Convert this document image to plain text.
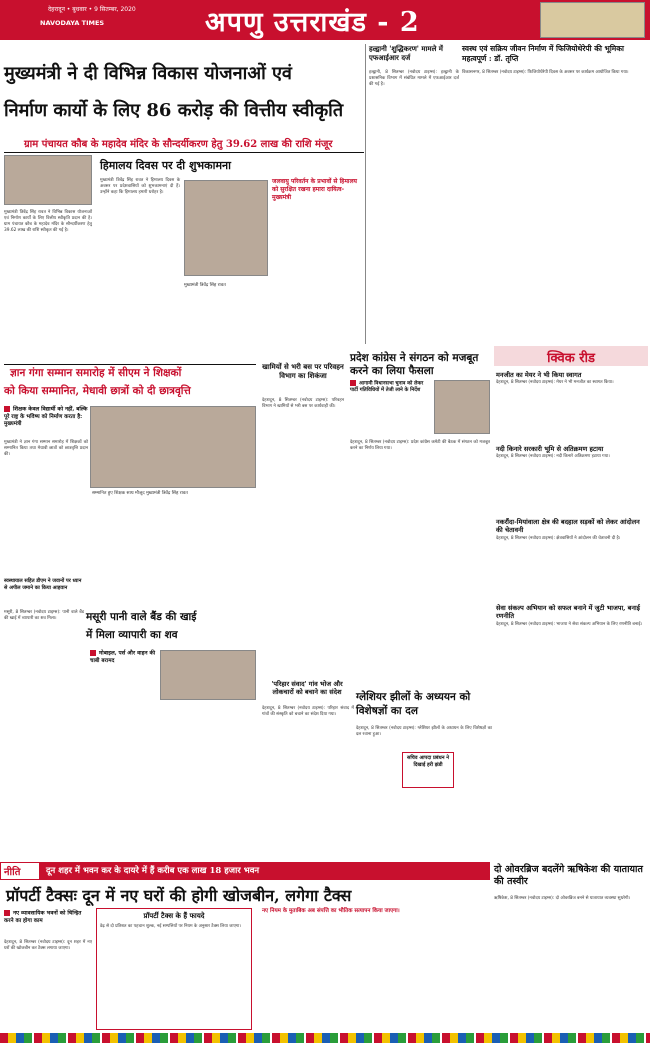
देहरादून • बुधवार • 9 सितम्बर, 2020
NAVODAYA TIMES	अपणु उत्तराखंड - 2
मुख्यमंत्री ने दी विभिन्न विकास योजनाओं एवं
निर्माण कार्यो के लिए 86 करोड़ की वित्तीय स्वीकृति
ग्राम पंचायत कौब के महादेव मंदिर के सौन्दर्यीकरण हेतु 39.62 लाख की राशि मंजूर
मुख्यमंत्री त्रिवेंद्र सिंह रावत ने विभिन्न विकास योजनाओं एवं निर्माण कार्यों के लिए वित्तीय स्वीकृति प्रदान की है। ग्राम पंचायत कौब के महादेव मंदिर के सौन्दर्यीकरण हेतु 39.62 लाख की राशि स्वीकृत की गई है।
हिमालय दिवस पर दी शुभकामना
जलवायु परिवर्तन के प्रभावों से हिमालय को सुरक्षित रखना हमारा दायित्व-मुख्यमंत्री
मुख्यमंत्री त्रिवेंद्र सिंह रावत ने हिमालय दिवस के अवसर पर प्रदेशवासियों को शुभकामनाएं दी हैं। उन्होंने कहा कि हिमालय हमारी धरोहर है।
मुख्यमंत्री त्रिवेंद्र सिंह रावत
हल्द्वानी 'शुद्धिकरण' मामले में एफआईआर दर्ज
हल्द्वानी, 8 सितम्बर (नवोदय टाइम्स): हल्द्वानी के प्रशासनिक विभाग में संबंधित मामले में एफआईआर दर्ज की गई है।
स्वस्थ एवं सक्रिय जीवन निर्माण में फिजियोथेरेपी की भूमिका महत्वपूर्ण : डॉ. तृप्ति
विकासनगर, 8 सितम्बर (नवोदय टाइम्स): फिजियोथेरेपी दिवस के अवसर पर कार्यक्रम आयोजित किया गया।
ज्ञान गंगा सम्मान समारोह में सीएम ने शिक्षकों
को किया सम्मानित, मेधावी छात्रों को दी छात्रवृत्ति
शिक्षक केवल विद्यार्थी को नहीं, बल्कि पूरे राष्ट्र के भविष्य को निर्माण करता है: मुख्यमंत्री
मुख्यमंत्री ने ज्ञान गंगा सम्मान समारोह में शिक्षकों को सम्मानित किया तथा मेधावी छात्रों को छात्रवृत्ति प्रदान की।
सम्मानित हुए शिक्षक साथ मौजूद मुख्यमंत्री त्रिवेंद्र सिंह रावत
खामियों से भरी बस पर परिवहन विभाग का शिकंजा
देहरादून, 8 सितम्बर (नवोदय टाइम्स): परिवहन विभाग ने खामियों से भरी बस पर कार्यवाही की।
प्रदेश कांग्रेस ने संगठन को मजबूत करने का लिया फैसला
आगामी विधानसभा चुनाव को लेकर पार्टी गतिविधियों में तेजी लाने के निर्देश
देहरादून, 8 सितम्बर (नवोदय टाइम्स): प्रदेश कांग्रेस कमेटी की बैठक में संगठन को मजबूत करने का निर्णय लिया गया।
क्विक रीड
मनजीत का मेयर ने भी किया स्वागत
देहरादून, 8 सितम्बर (नवोदय टाइम्स): मेयर ने भी मनजीत का स्वागत किया।
नदी किनारे सरकारी भूमि से अतिक्रमण हटाया
देहरादून, 8 सितम्बर (नवोदय टाइम्स): नदी किनारे अतिक्रमण हटाया गया।
नकरौंदा-मियांवाला क्षेत्र की बदहाल सड़कों को लेकर आंदोलन की चेतावनी
देहरादून, 8 सितम्बर (नवोदय टाइम्स): क्षेत्रवासियों ने आंदोलन की चेतावनी दी है।
सेवा संकल्प अभियान को सफल बनाने में जुटी भाजपा, बनाई रणनीति
देहरादून, 8 सितम्बर (नवोदय टाइम्स): भाजपा ने सेवा संकल्प अभियान के लिए रणनीति बनाई।
स्वस्थायाल सहित डीएम ने जवानों पर ध्यान से अपील जमाने का किया आहवान
मसूरी, 8 सितम्बर (नवोदय टाइम्स): पानी वाले बैंड की खाई में व्यापारी का शव मिला।	मसूरी पानी वाले बैंड की खाई
में मिला व्यापारी का शव
मोबाइल, पर्स और वाहन की चाबी बरामद
'परिहार संवाद' गांव भोज और लोकचारों को बचाने का संदेश
देहरादून, 8 सितम्बर (नवोदय टाइम्स): परिहार संवाद में गांवों की संस्कृति को बचाने का संदेश दिया गया।
ग्लेशियर झीलों के अध्ययन को विशेषज्ञों का दल
देहरादून, 8 सितम्बर (नवोदय टाइम्स): ग्लेशियर झीलों के अध्ययन के लिए विशेषज्ञों का दल रवाना हुआ।
सचिव आपदा प्रबंधन ने दिखाई हरी झंडी
नीति	दून शहर में भवन कर के दायरे में हैं करीब एक लाख 18 हजार भवन
प्रॉपर्टी टैक्सः दून में नए घरों की होगी खोजबीन, लगेगा टैक्स
नए व्यावसायिक भवनों को चिन्हित करने का होगा काम
देहरादून, 8 सितम्बर (नवोदय टाइम्स): दून शहर में नए घरों की खोजबीन कर टैक्स लगाया जाएगा।
प्रॉपर्टी टैक्स के हैं फायदे
डेढ़ से दो प्रतिशत का पहचान शुल्क, नई सम्पत्तियों पर नियम के अनुसार टैक्स लिया जाएगा।
नए नियम के मुताबिक अब संपत्ति का भौतिक सत्यापन किया जाएगा।
दो ओवरब्रिज बदलेंगे ऋषिकेश की यातायात की तस्वीर
ऋषिकेश, 8 सितम्बर (नवोदय टाइम्स): दो ओवरब्रिज बनने से यातायात व्यवस्था सुधरेगी।
